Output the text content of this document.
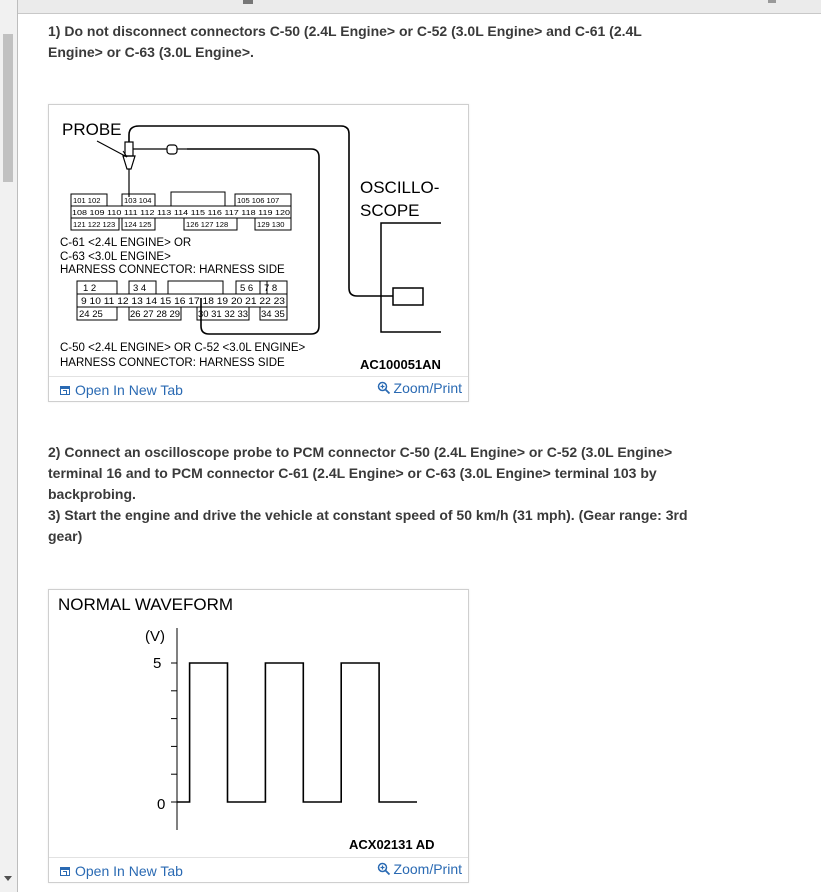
1) Do not disconnect connectors C-50 (2.4L Engine> or C-52 (3.0L Engine> and C-61 (2.4L Engine> or C-63 (3.0L Engine>.
PROBE
OSCILLO-
SCOPE
101 102	103 104	105 106 107
108 109 110 111 112 113 114 115 116 117 118 119 120
121 122 123 124 125	126 127 128	129 130
C-61 <2.4L ENGINE> OR
C-63 <3.0L ENGINE>
HARNESS CONNECTOR: HARNESS SIDE
1 2	3 4	5 6 7 8
9 10 11 12 13 14 15 16 17 18 19 20 21 22 23
24 25	26 27 28 29 30 31 32 33 34 35
C-50 <2.4L ENGINE> OR C-52 <3.0L ENGINE>
HARNESS CONNECTOR: HARNESS SIDE	AC100051AN
Open In New Tab	Zoom/Print
2) Connect an oscilloscope probe to PCM connector C-50 (2.4L Engine> or C-52 (3.0L Engine> terminal 16 and to PCM connector C-61 (2.4L Engine> or C-63 (3.0L Engine> terminal 103 by backprobing.
3) Start the engine and drive the vehicle at constant speed of 50 km/h (31 mph). (Gear range: 3rd gear)
NORMAL WAVEFORM
(V)
5
0
ACX02131 AD
Open In New Tab	Zoom/Print
